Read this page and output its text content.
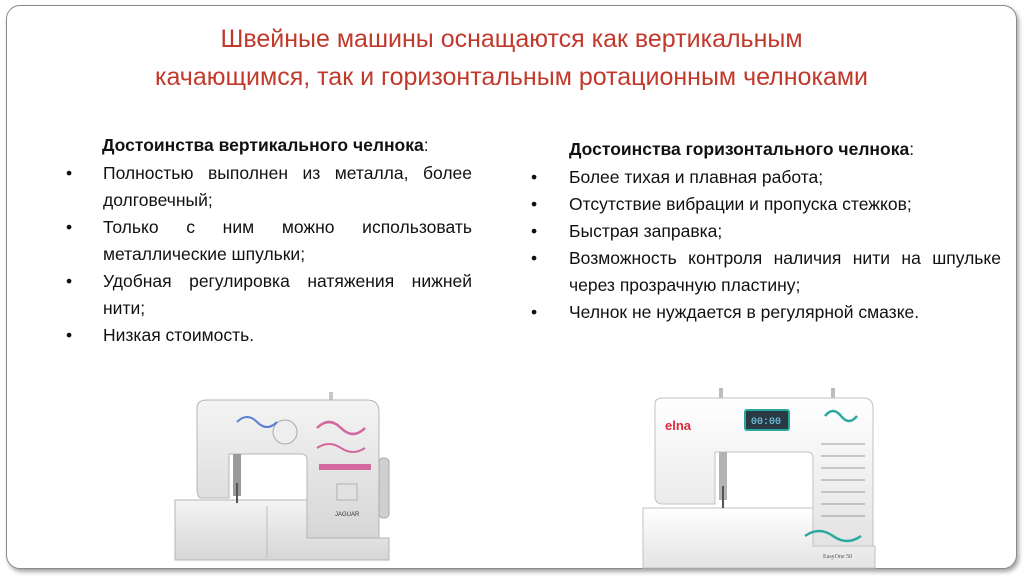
Швейные машины оснащаются как вертикальным
качающимся, так и горизонтальным ротационным челноками
Достоинства вертикального челнока:
• Полностью выполнен из металла, более долговечный;
• Только с ним можно использовать металлические шпульки;
• Удобная регулировка натяжения нижней нити;
• Низкая стоимость.
Достоинства горизонтального челнока:
• Более тихая и плавная работа;
• Отсутствие вибрации и пропуска стежков;
• Быстрая заправка;
• Возможность контроля наличия нити на шпульке через прозрачную пластину;
• Челнок не нуждается в регулярной смазке.
JAGUAR
elna	00:00
EasyOne 50
